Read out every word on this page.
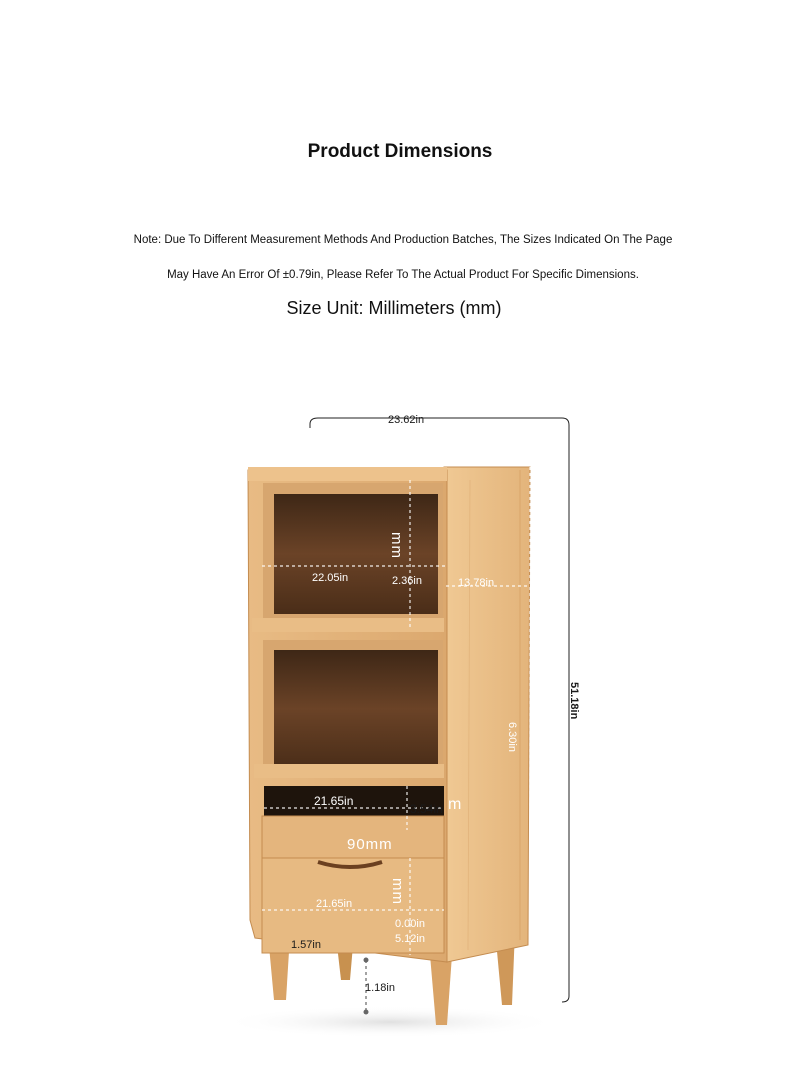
Product Dimensions
Note: Due To Different Measurement Methods And Production Batches, The Sizes Indicated On The Page
May Have An Error Of ±0.79in, Please Refer To The Actual Product For Specific Dimensions.
Size Unit: Millimeters (mm)
23.62in
51.18in
13.78in
6.30in
22.05in	2.36in
mm
21.65in
3.54in m
90mm
21.65in mm
0.00in
5.12in
1.57in
1.18in
